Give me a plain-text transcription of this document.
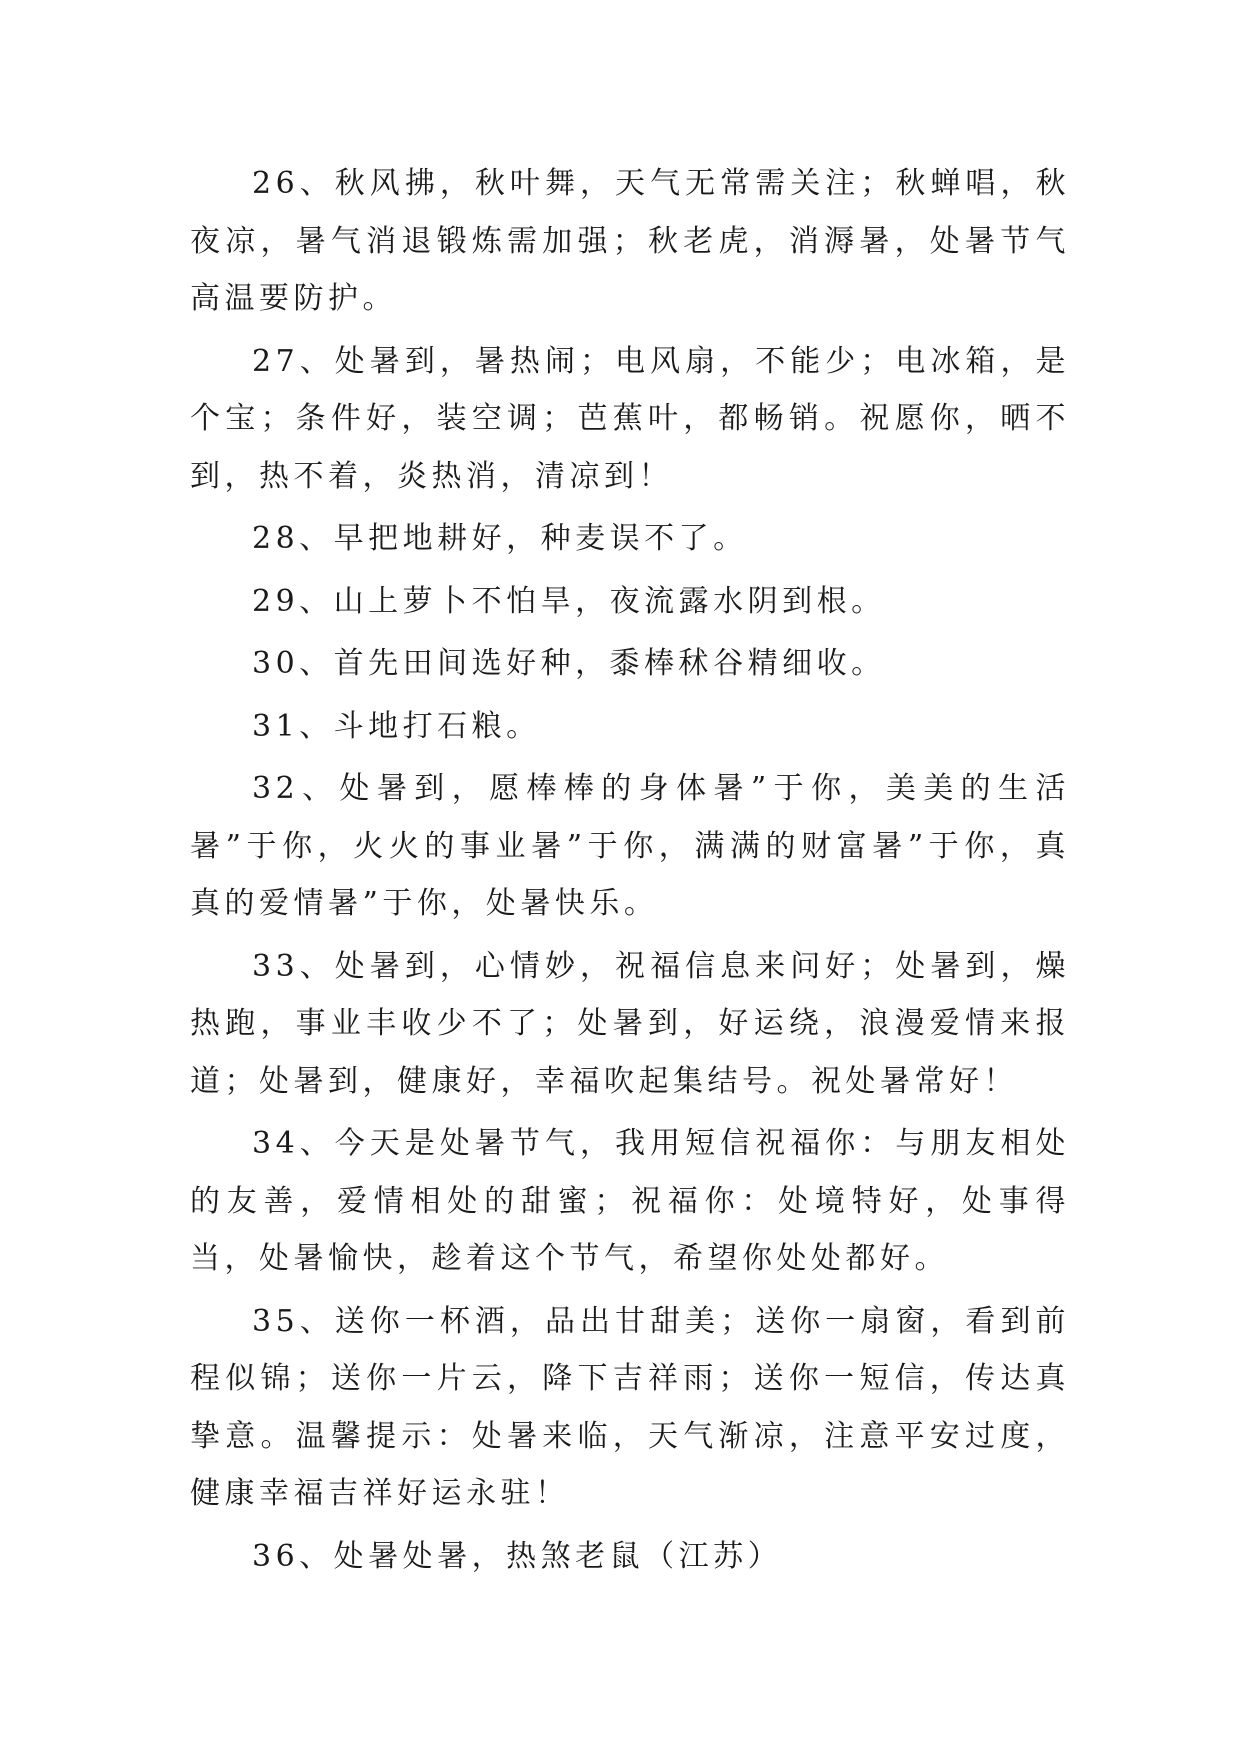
26、秋风拂，秋叶舞，天气无常需关注；秋蝉唱，秋夜凉，暑气消退锻炼需加强；秋老虎，消溽暑，处暑节气高温要防护。

27、处暑到，暑热闹；电风扇，不能少；电冰箱，是个宝；条件好，装空调；芭蕉叶，都畅销。祝愿你，晒不到，热不着，炎热消，清凉到！

28、早把地耕好，种麦误不了。

29、山上萝卜不怕旱，夜流露水阴到根。

30、首先田间选好种，黍棒秫谷精细收。

31、斗地打石粮。

32、处暑到，愿棒棒的身体暑”于你，美美的生活暑”于你，火火的事业暑”于你，满满的财富暑”于你，真真的爱情暑”于你，处暑快乐。

33、处暑到，心情妙，祝福信息来问好；处暑到，燥热跑，事业丰收少不了；处暑到，好运绕，浪漫爱情来报道；处暑到，健康好，幸福吹起集结号。祝处暑常好！

34、今天是处暑节气，我用短信祝福你：与朋友相处的友善，爱情相处的甜蜜；祝福你：处境特好，处事得当，处暑愉快，趁着这个节气，希望你处处都好。

35、送你一杯酒，品出甘甜美；送你一扇窗，看到前程似锦；送你一片云，降下吉祥雨；送你一短信，传达真挚意。温馨提示：处暑来临，天气渐凉，注意平安过度，健康幸福吉祥好运永驻！

36、处暑处暑，热煞老鼠（江苏）
